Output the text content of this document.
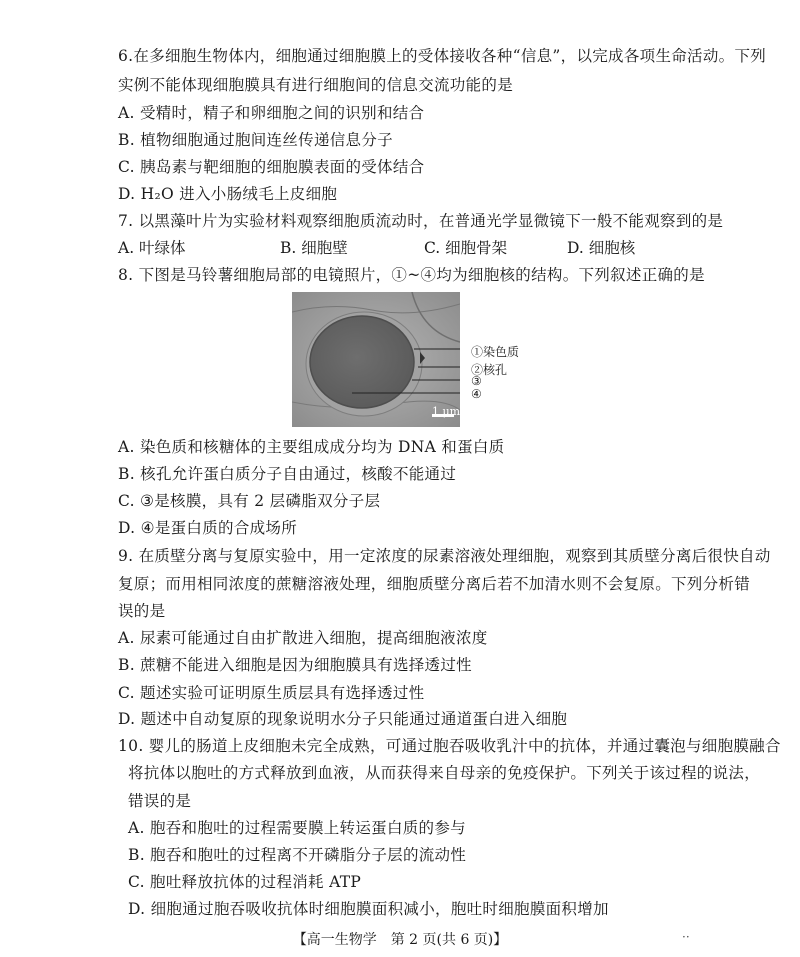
6.在多细胞生物体内，细胞通过细胞膜上的受体接收各种“信息”，以完成各项生命活动。下列
实例不能体现细胞膜具有进行细胞间的信息交流功能的是
A. 受精时，精子和卵细胞之间的识别和结合
B. 植物细胞通过胞间连丝传递信息分子
C. 胰岛素与靶细胞的细胞膜表面的受体结合
D. H₂O 进入小肠绒毛上皮细胞
7. 以黑藻叶片为实验材料观察细胞质流动时，在普通光学显微镜下一般不能观察到的是
A. 叶绿体	B. 细胞壁	C. 细胞骨架	D. 细胞核
8. 下图是马铃薯细胞局部的电镜照片，①~④均为细胞核的结构。下列叙述正确的是
①染色质
②核孔
③
④
1 μm
A. 染色质和核糖体的主要组成成分均为 DNA 和蛋白质
B. 核孔允许蛋白质分子自由通过，核酸不能通过
C. ③是核膜，具有 2 层磷脂双分子层
D. ④是蛋白质的合成场所
9. 在质壁分离与复原实验中，用一定浓度的尿素溶液处理细胞，观察到其质壁分离后很快自动
复原；而用相同浓度的蔗糖溶液处理，细胞质壁分离后若不加清水则不会复原。下列分析错
误的是
A. 尿素可能通过自由扩散进入细胞，提高细胞液浓度
B. 蔗糖不能进入细胞是因为细胞膜具有选择透过性
C. 题述实验可证明原生质层具有选择透过性
D. 题述中自动复原的现象说明水分子只能通过通道蛋白进入细胞
10. 婴儿的肠道上皮细胞未完全成熟，可通过胞吞吸收乳汁中的抗体，并通过囊泡与细胞膜融合
将抗体以胞吐的方式释放到血液，从而获得来自母亲的免疫保护。下列关于该过程的说法，
错误的是
A. 胞吞和胞吐的过程需要膜上转运蛋白质的参与
B. 胞吞和胞吐的过程离不开磷脂分子层的流动性
C. 胞吐释放抗体的过程消耗 ATP
D. 细胞通过胞吞吸收抗体时细胞膜面积减小，胞吐时细胞膜面积增加
【高一生物学　第 2 页(共 6 页)】	··
